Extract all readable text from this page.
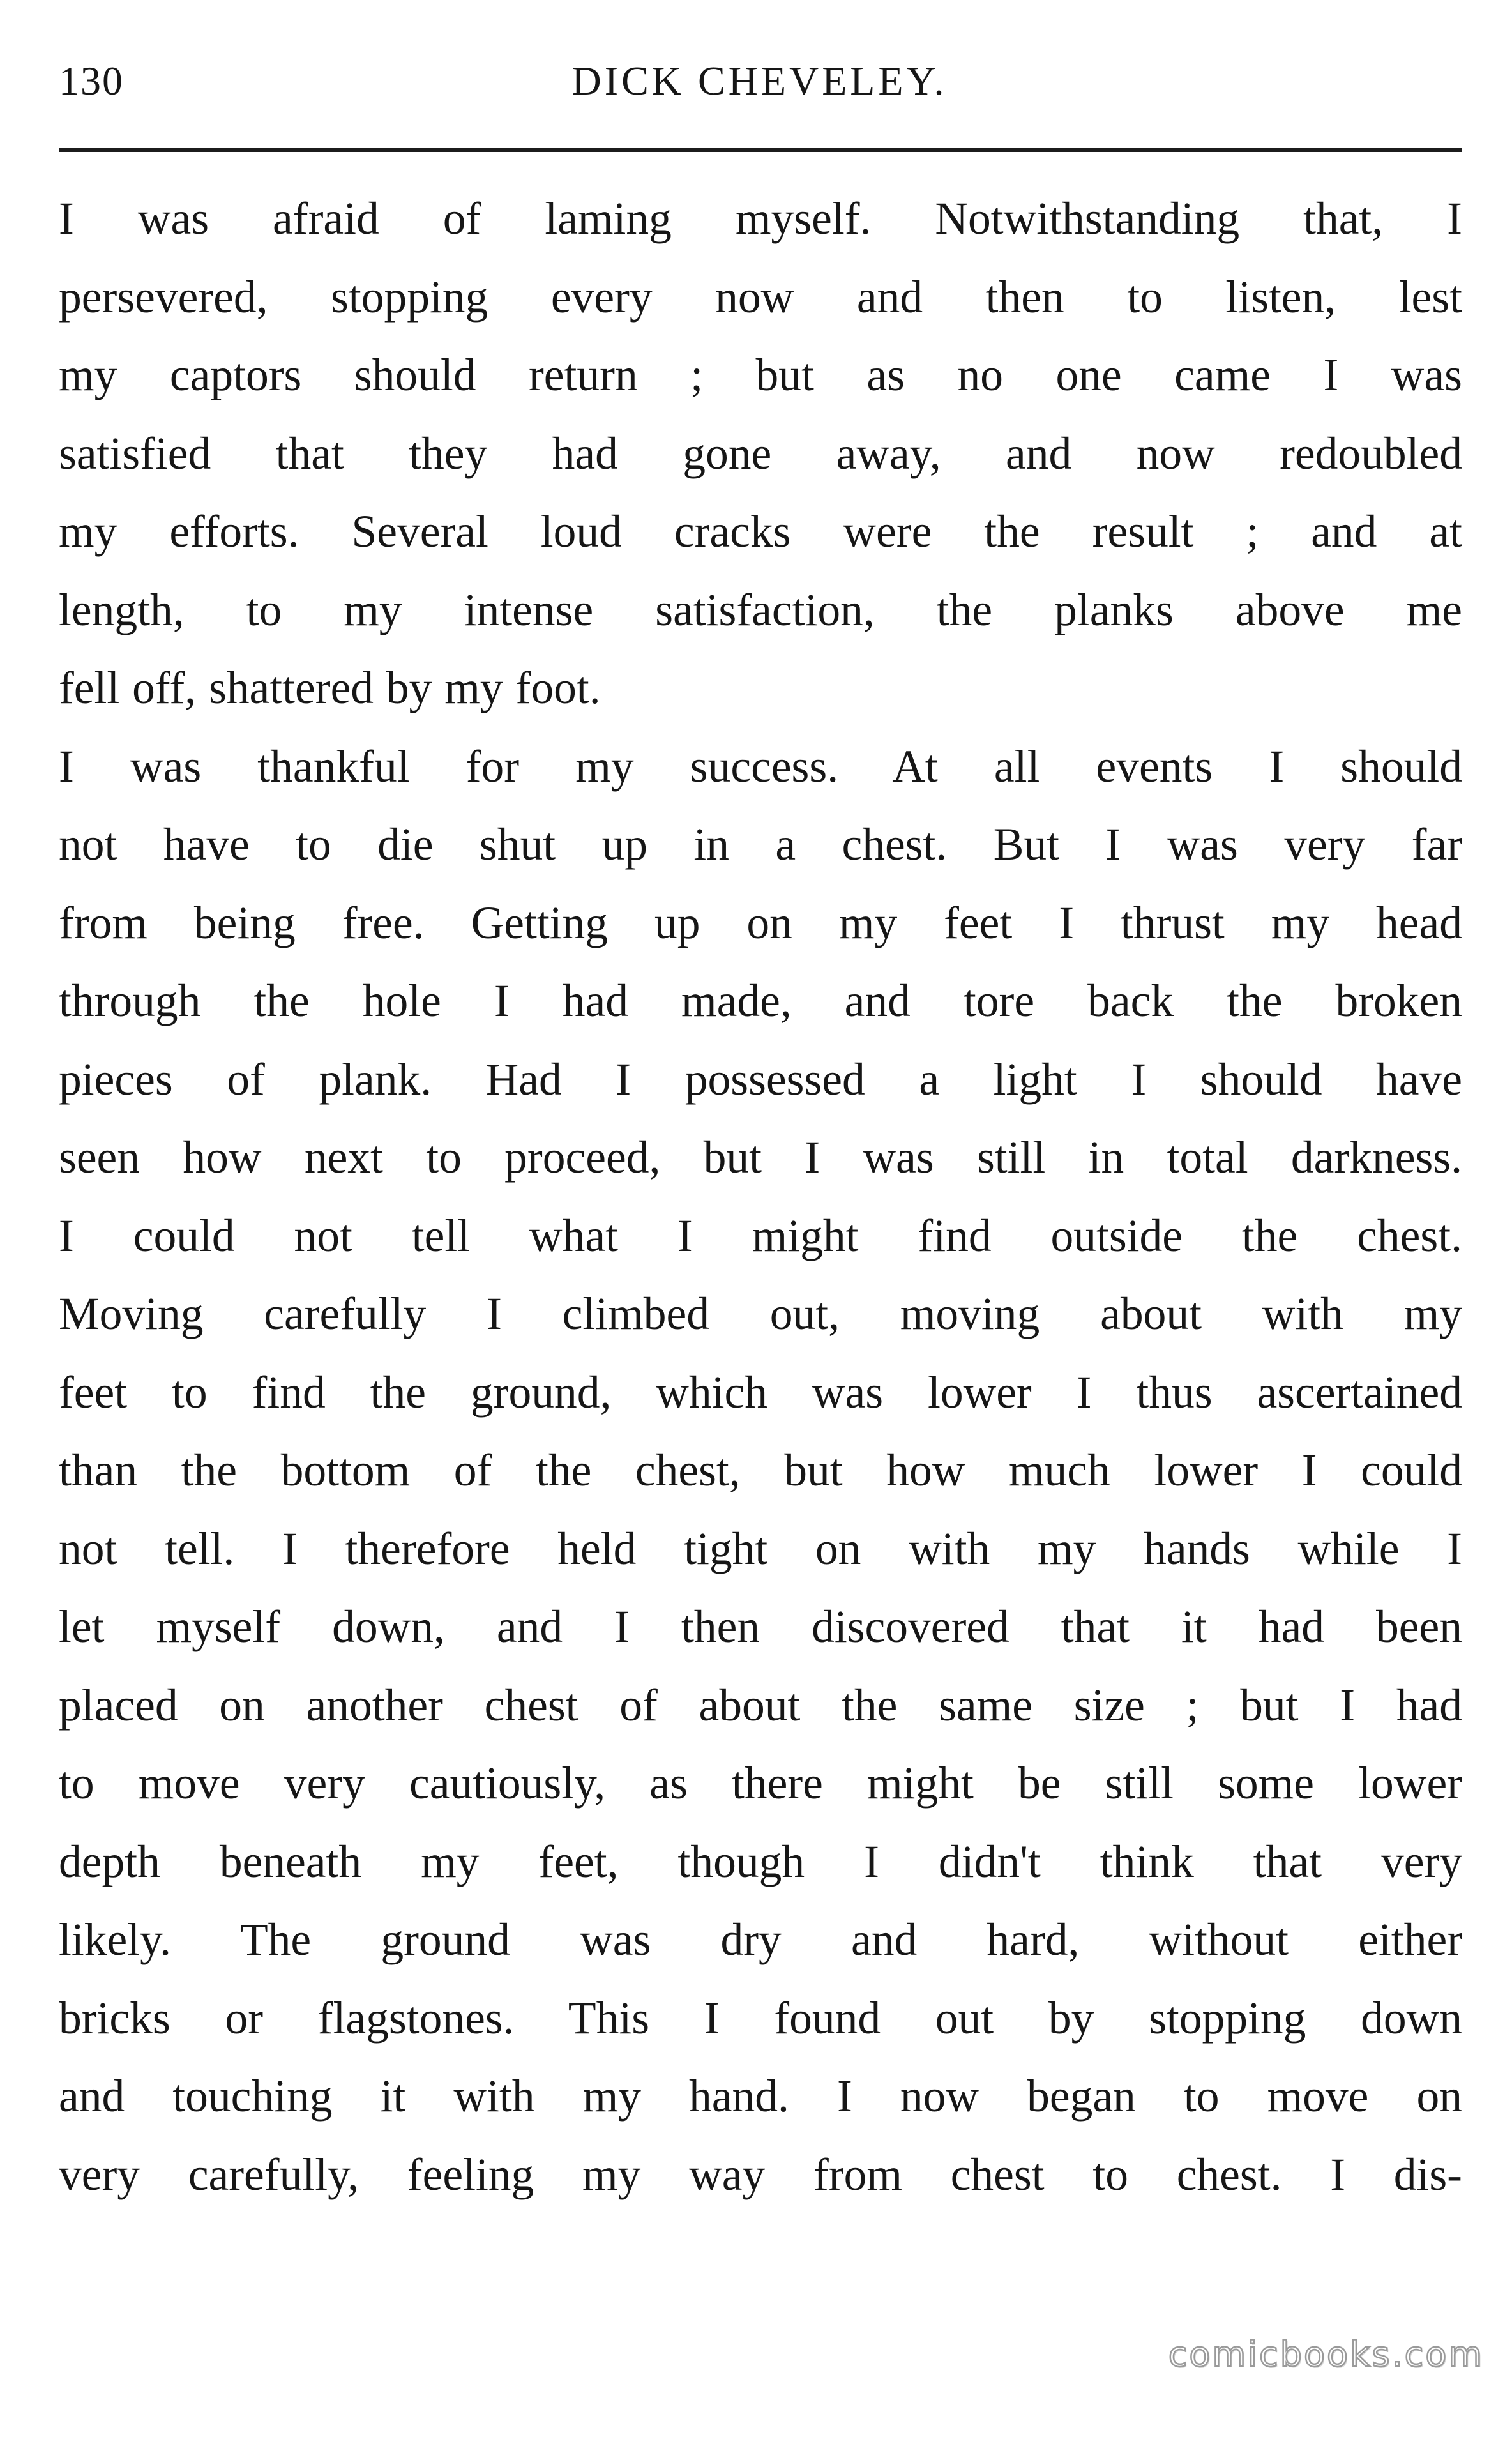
130	DICK CHEVELEY.
I was afraid of laming myself. Notwithstanding that, I
persevered, stopping every now and then to listen, lest
my captors should return ; but as no one came I was
satisfied that they had gone away, and now redoubled
my efforts. Several loud cracks were the result ; and at
length, to my intense satisfaction, the planks above me
fell off, shattered by my foot.
I was thankful for my success. At all events I should
not have to die shut up in a chest. But I was very far
from being free. Getting up on my feet I thrust my head
through the hole I had made, and tore back the broken
pieces of plank. Had I possessed a light I should have
seen how next to proceed, but I was still in total darkness.
I could not tell what I might find outside the chest.
Moving carefully I climbed out, moving about with my
feet to find the ground, which was lower I thus ascertained
than the bottom of the chest, but how much lower I could
not tell. I therefore held tight on with my hands while I
let myself down, and I then discovered that it had been
placed on another chest of about the same size ; but I had
to move very cautiously, as there might be still some lower
depth beneath my feet, though I didn't think that very
likely. The ground was dry and hard, without either
bricks or flagstones. This I found out by stopping down
and touching it with my hand. I now began to move on
very carefully, feeling my way from chest to chest. I dis-
comicbooks.com
